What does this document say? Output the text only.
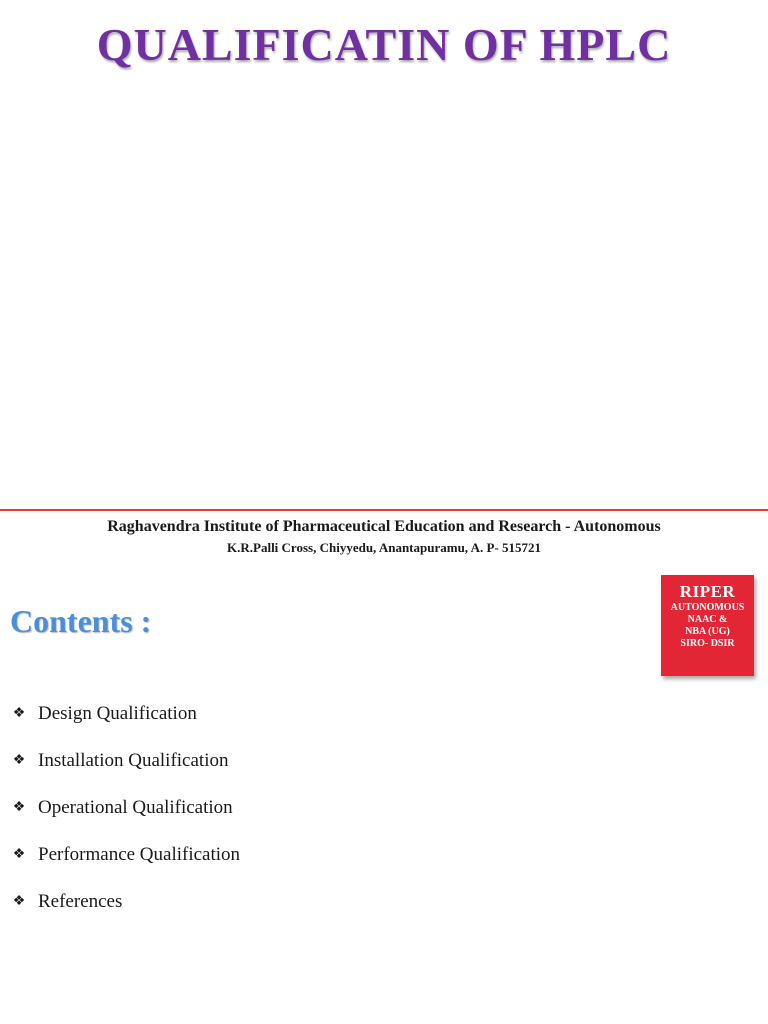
QUALIFICATIN OF HPLC
Raghavendra Institute of Pharmaceutical Education and Research - Autonomous
K.R.Palli Cross, Chiyyedu, Anantapuramu, A. P- 515721
Contents :
RIPER
AUTONOMOUS
NAAC &
NBA (UG)
SIRO- DSIR
❖ Design Qualification
❖ Installation Qualification
❖ Operational Qualification
❖ Performance Qualification
❖ References
